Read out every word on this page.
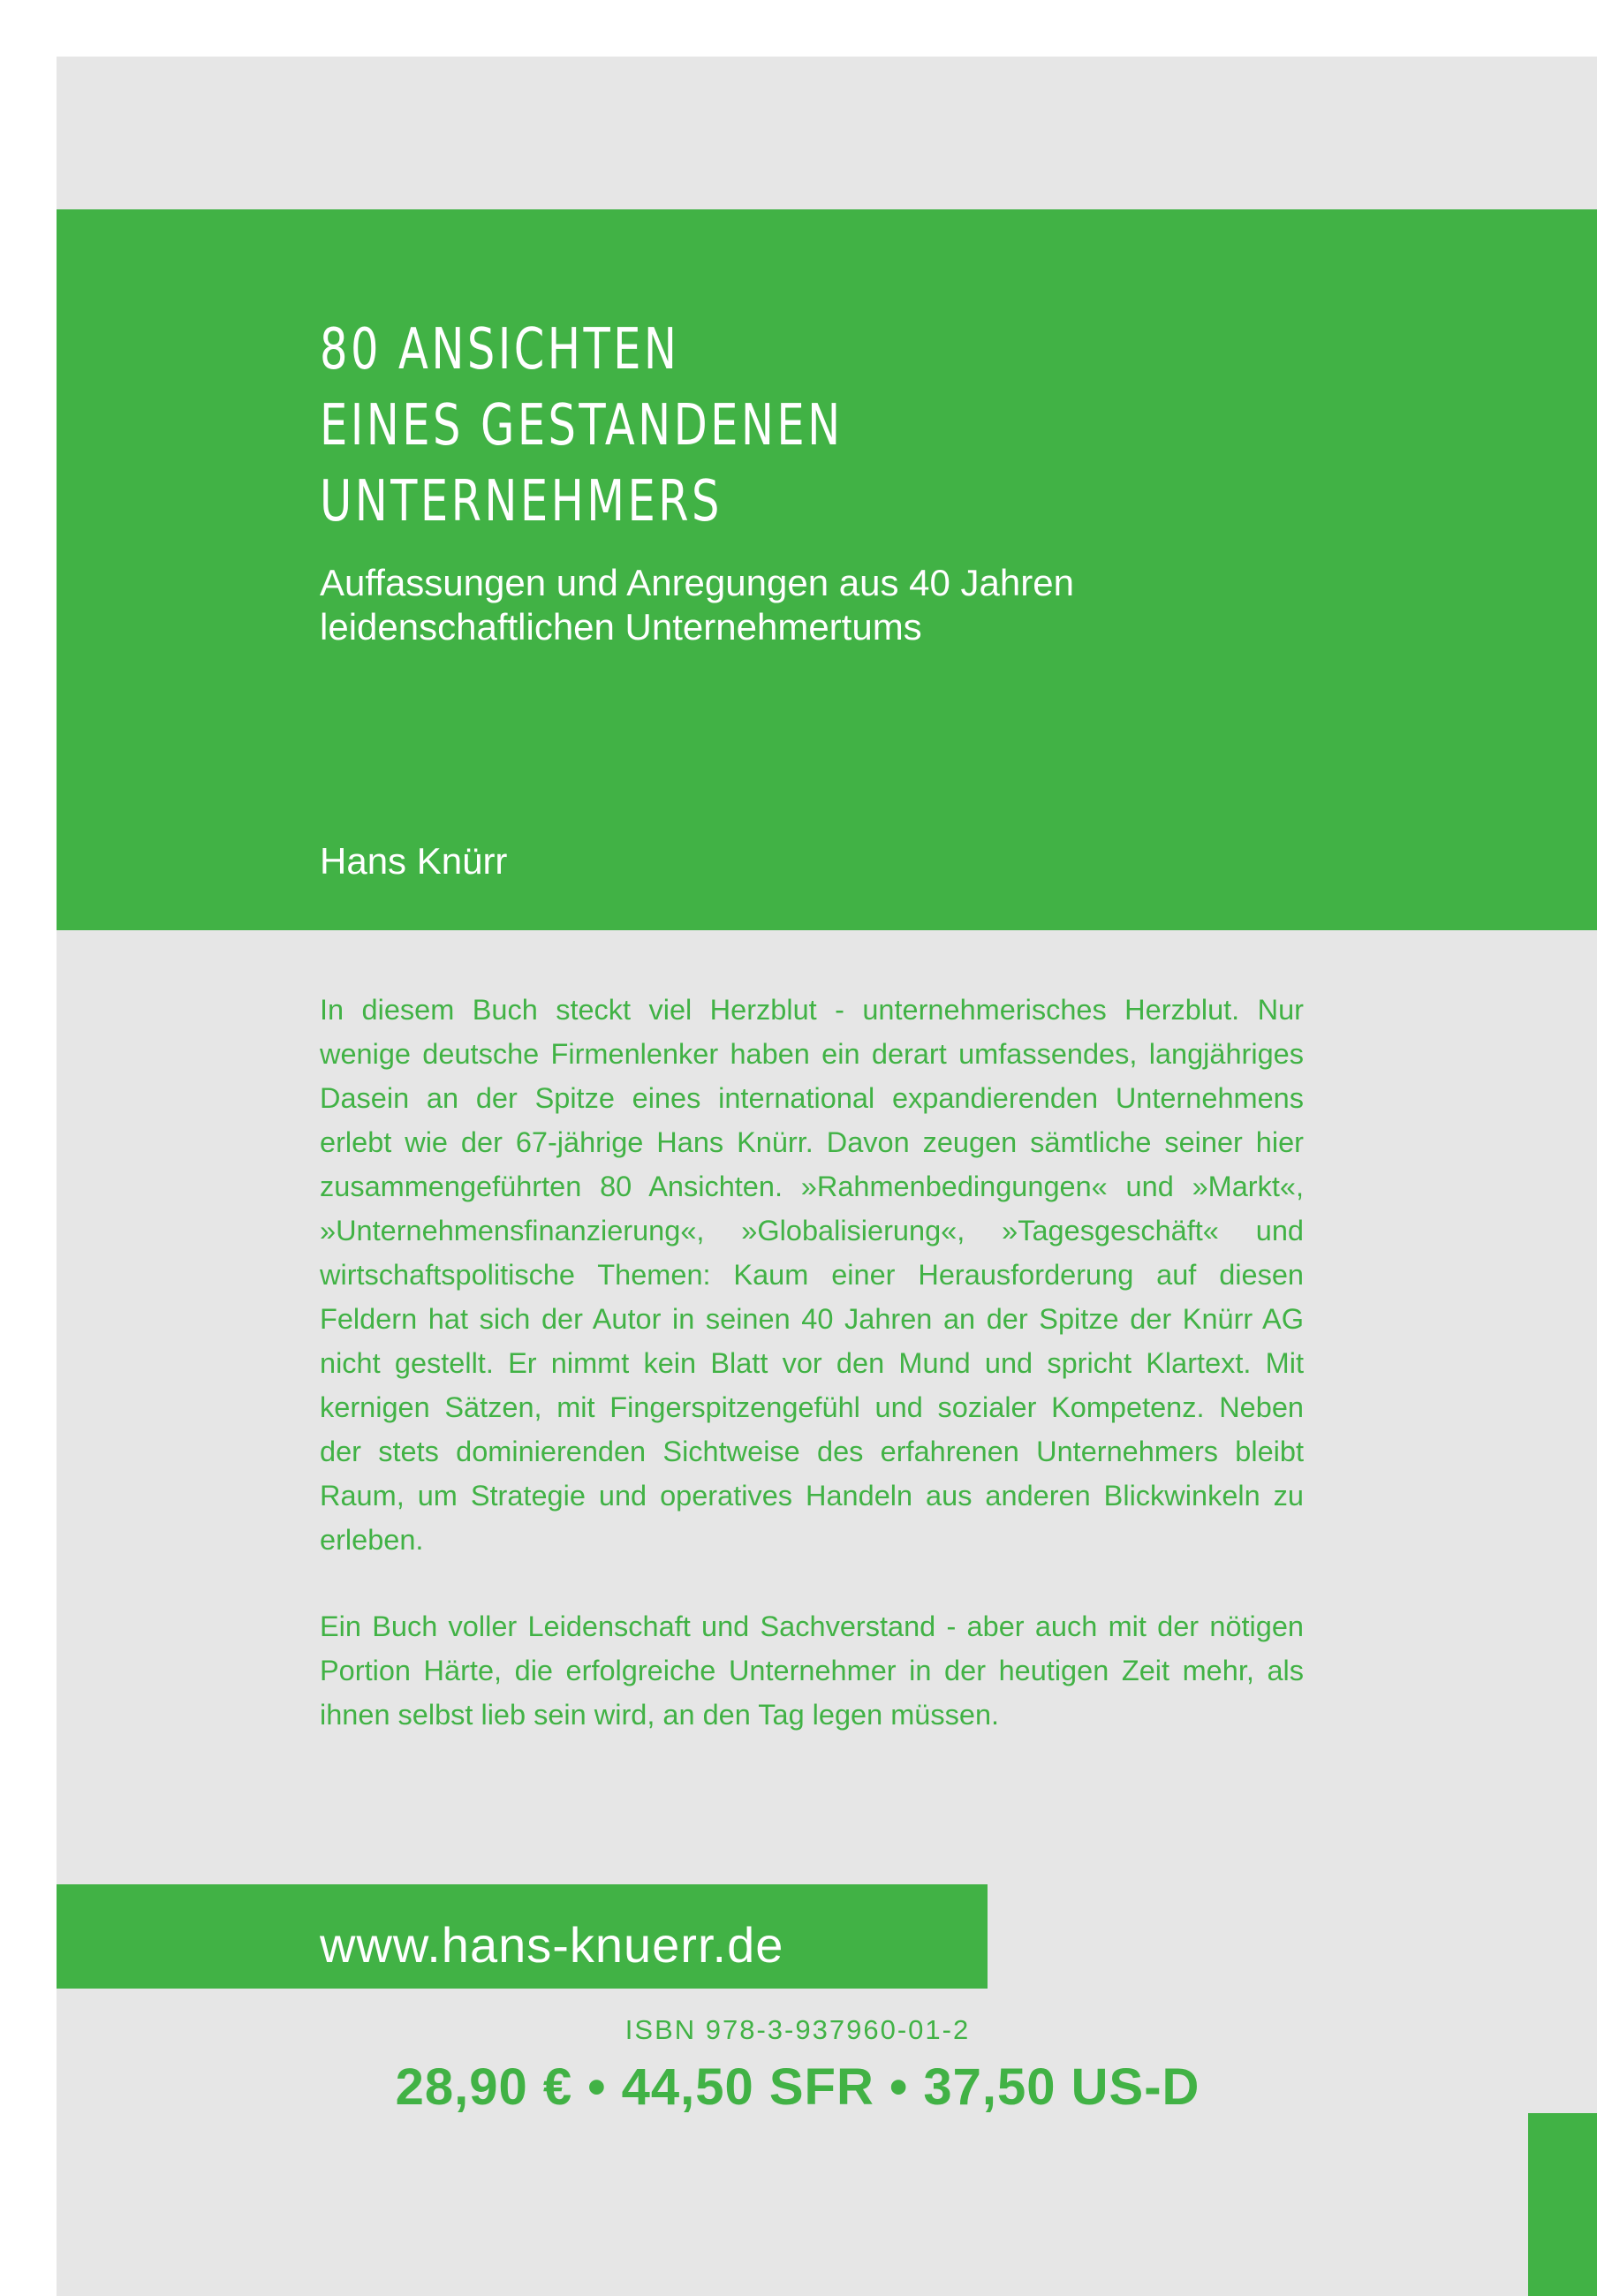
80 ANSICHTEN
EINES GESTANDENEN
UNTERNEHMERS

Auffassungen und Anregungen aus 40 Jahren
leidenschaftlichen Unternehmertums

Hans Knürr

In diesem Buch steckt viel Herzblut - unternehmerisches Herzblut. Nur wenige deutsche Firmenlenker haben ein derart umfassendes, langjähriges Dasein an der Spitze eines international expandierenden Unternehmens erlebt wie der 67-jährige Hans Knürr. Davon zeugen sämtliche seiner hier zusammengeführten 80 Ansichten. »Rahmenbedingungen« und »Markt«, »Unternehmensfinanzierung«, »Globalisierung«, »Tagesgeschäft« und wirtschaftspolitische Themen: Kaum einer Herausforderung auf diesen Feldern hat sich der Autor in seinen 40 Jahren an der Spitze der Knürr AG nicht gestellt. Er nimmt kein Blatt vor den Mund und spricht Klartext. Mit kernigen Sätzen, mit Fingerspitzengefühl und sozialer Kompetenz. Neben der stets dominierenden Sichtweise des erfahrenen Unternehmers bleibt Raum, um Strategie und operatives Handeln aus anderen Blickwinkeln zu erleben.

Ein Buch voller Leidenschaft und Sachverstand - aber auch mit der nötigen Portion Härte, die erfolgreiche Unternehmer in der heutigen Zeit mehr, als ihnen selbst lieb sein wird, an den Tag legen müssen.

www.hans-knuerr.de

ISBN 978-3-937960-01-2
28,90 € • 44,50 SFR • 37,50 US-D
